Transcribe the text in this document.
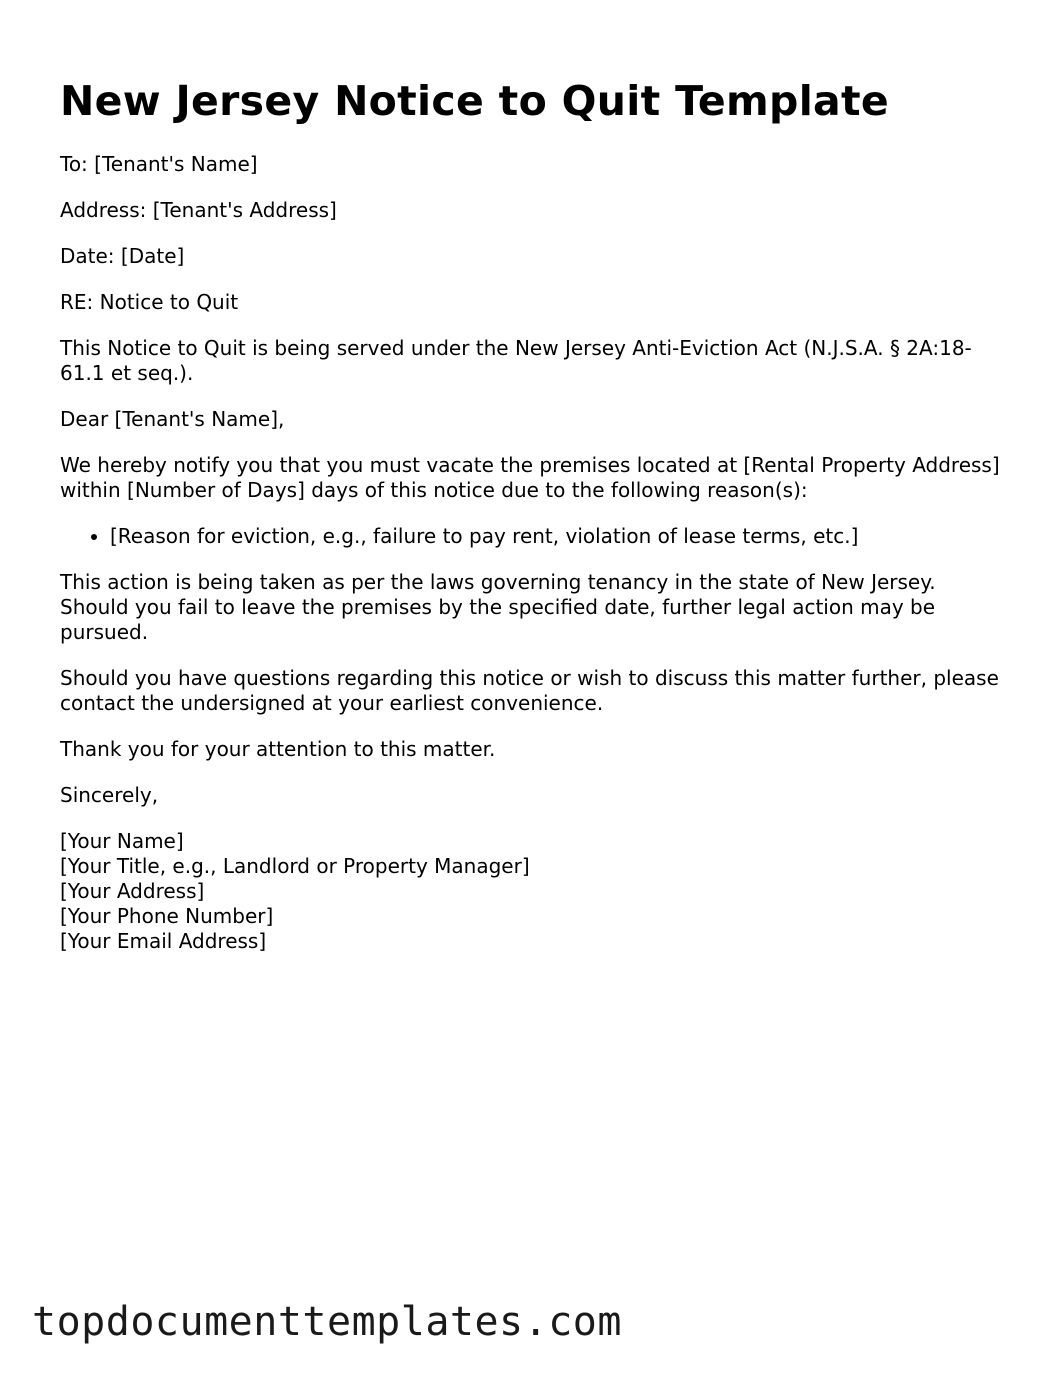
New Jersey Notice to Quit Template

To: [Tenant's Name]

Address: [Tenant's Address]

Date: [Date]

RE: Notice to Quit

This Notice to Quit is being served under the New Jersey Anti-Eviction Act (N.J.S.A. § 2A:18-61.1 et seq.).

Dear [Tenant's Name],

We hereby notify you that you must vacate the premises located at [Rental Property Address] within [Number of Days] days of this notice due to the following reason(s):

• [Reason for eviction, e.g., failure to pay rent, violation of lease terms, etc.]

This action is being taken as per the laws governing tenancy in the state of New Jersey. Should you fail to leave the premises by the specified date, further legal action may be pursued.

Should you have questions regarding this notice or wish to discuss this matter further, please contact the undersigned at your earliest convenience.

Thank you for your attention to this matter.

Sincerely,

[Your Name]
[Your Title, e.g., Landlord or Property Manager]
[Your Address]
[Your Phone Number]
[Your Email Address]
topdocumenttemplates.com
